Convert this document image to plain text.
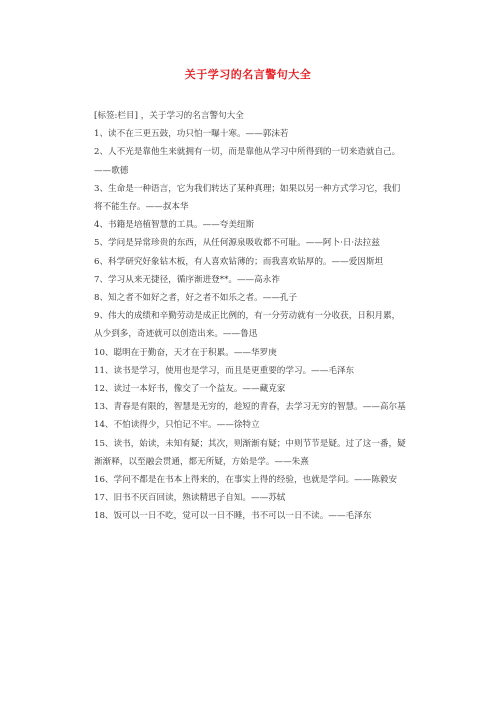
关于学习的名言警句大全

[标签:栏目] ，关于学习的名言警句大全

1、读不在三更五鼓，功只怕一曝十寒。——郭沫若

2、人不光是靠他生来就拥有一切，而是靠他从学习中所得到的一切来造就自己。——歌德

3、生命是一种语言，它为我们转达了某种真理；如果以另一种方式学习它，我们将不能生存。——叔本华

4、书籍是培植智慧的工具。——夸美纽斯

5、学问是异常珍贵的东西，从任何源泉吸收都不可耻。——阿卜·日·法拉兹

6、科学研究好象钻木板，有人喜欢钻薄的；而我喜欢钻厚的。——爱因斯坦

7、学习从来无捷径，循序渐进登**。——高永祚

8、知之者不如好之者，好之者不如乐之者。——孔子

9、伟大的成绩和辛勤劳动是成正比例的，有一分劳动就有一分收获，日积月累，从少到多，奇迹就可以创造出来。——鲁迅

10、聪明在于勤奋，天才在于积累。——华罗庚

11、读书是学习，使用也是学习，而且是更重要的学习。——毛泽东

12、读过一本好书，像交了一个益友。——藏克家

13、青春是有限的，智慧是无穷的，趁短的青春，去学习无穷的智慧。——高尔基

14、不怕读得少，只怕记不牢。——徐特立

15、读书，始读，未知有疑；其次，则渐渐有疑；中则节节是疑。过了这一番，疑渐渐释，以至融会贯通，都无所疑，方始是学。——朱熹

16、学问不都是在书本上得来的，在事实上得的经验，也就是学问。——陈毅安

17、旧书不厌百回读，熟读精思子自知。——苏轼

18、饭可以一日不吃，觉可以一日不睡，书不可以一日不读。——毛泽东
